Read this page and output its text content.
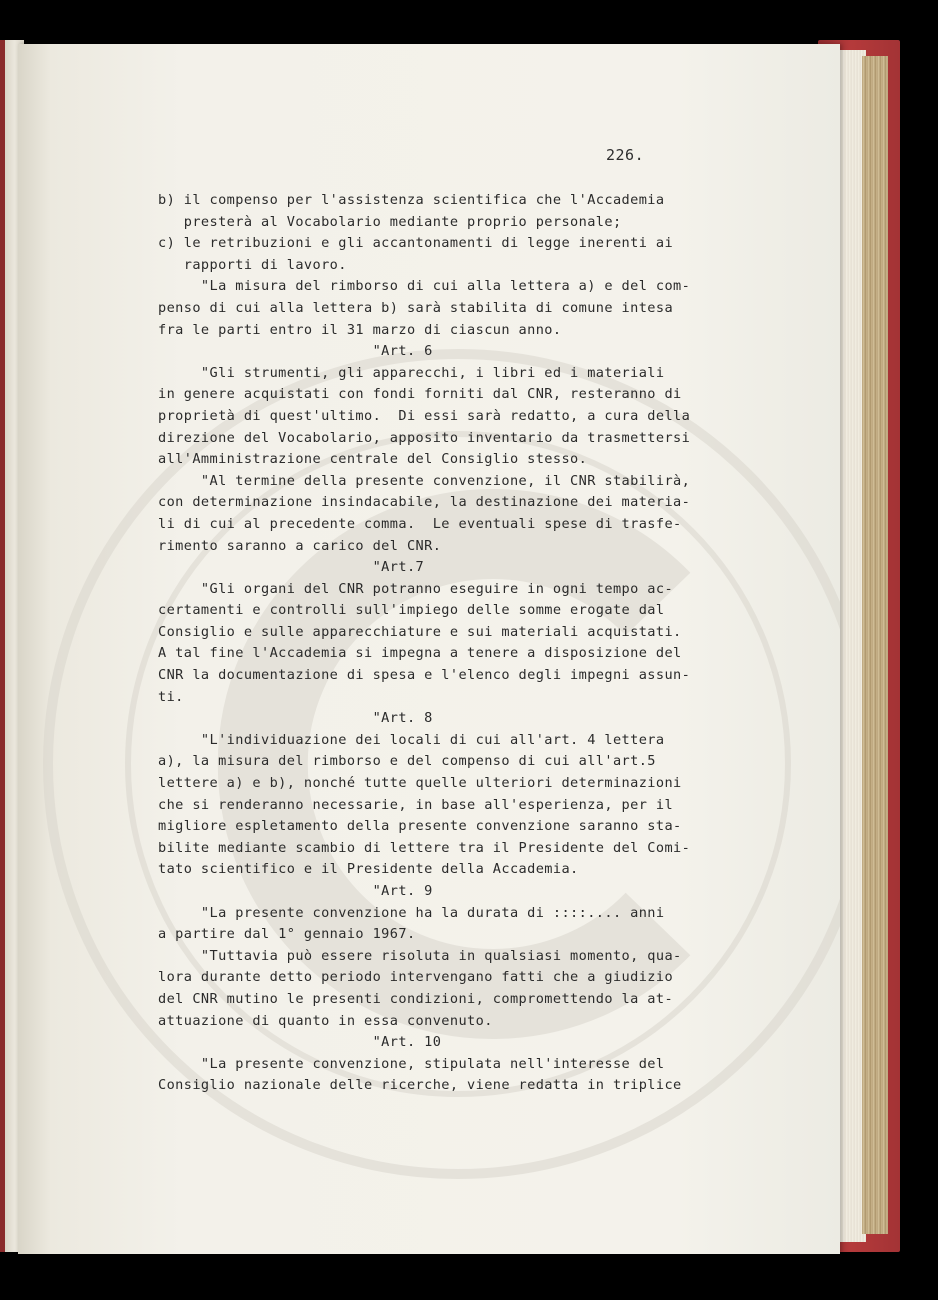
226.
b) il compenso per l'assistenza scientifica che l'Accademia
presterà al Vocabolario mediante proprio personale;
c) le retribuzioni e gli accantonamenti di legge inerenti ai
rapporti di lavoro.
"La misura del rimborso di cui alla lettera a) e del com-
penso di cui alla lettera b) sarà stabilita di comune intesa
fra le parti entro il 31 marzo di ciascun anno.
"Art. 6
"Gli strumenti, gli apparecchi, i libri ed i materiali
in genere acquistati con fondi forniti dal CNR, resteranno di
proprietà di quest'ultimo.  Di essi sarà redatto, a cura della
direzione del Vocabolario, apposito inventario da trasmettersi
all'Amministrazione centrale del Consiglio stesso.
"Al termine della presente convenzione, il CNR stabilirà,
con determinazione insindacabile, la destinazione dei materia-
li di cui al precedente comma.  Le eventuali spese di trasfe-
rimento saranno a carico del CNR.
"Art.7
"Gli organi del CNR potranno eseguire in ogni tempo ac-
certamenti e controlli sull'impiego delle somme erogate dal
Consiglio e sulle apparecchiature e sui materiali acquistati.
A tal fine l'Accademia si impegna a tenere a disposizione del
CNR la documentazione di spesa e l'elenco degli impegni assun-
ti.
"Art. 8
"L'individuazione dei locali di cui all'art. 4 lettera
a), la misura del rimborso e del compenso di cui all'art.5
lettere a) e b), nonché tutte quelle ulteriori determinazioni
che si renderanno necessarie, in base all'esperienza, per il
migliore espletamento della presente convenzione saranno sta-
bilite mediante scambio di lettere tra il Presidente del Comi-
tato scientifico e il Presidente della Accademia.
"Art. 9
"La presente convenzione ha la durata di ::::.... anni
a partire dal 1° gennaio 1967.
"Tuttavia può essere risoluta in qualsiasi momento, qua-
lora durante detto periodo intervengano fatti che a giudizio
del CNR mutino le presenti condizioni, compromettendo la at-
attuazione di quanto in essa convenuto.
"Art. 10
"La presente convenzione, stipulata nell'interesse del
Consiglio nazionale delle ricerche, viene redatta in triplice
